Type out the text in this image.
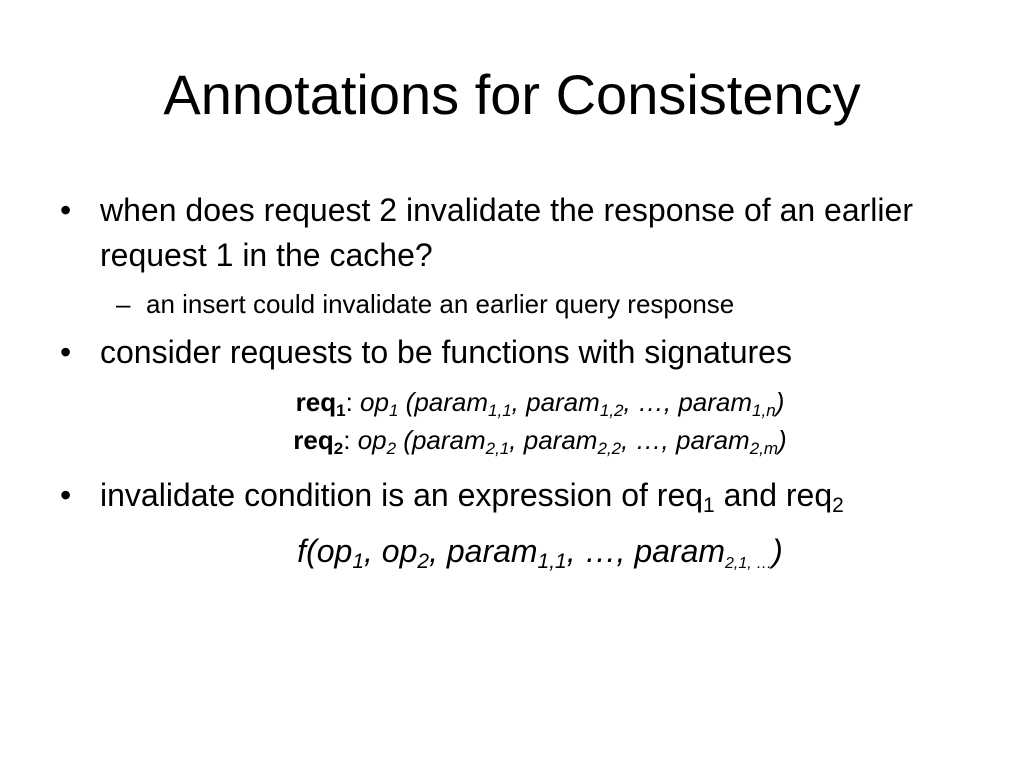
Annotations for Consistency
• when does request 2 invalidate the response of an earlier request 1 in the cache?
– an insert could invalidate an earlier query response
• consider requests to be functions with signatures
req$_1$: $op_1$ (param$_{1,1}$, param$_{1,2}$, …, param$_{1,n}$)
req$_2$: $op_2$ (param$_{2,1}$, param$_{2,2}$, …, param$_{2,m}$)
• invalidate condition is an expression of req$_1$ and req$_2$
$f(op_1$, $op_2$, param$_{1,1}$, …, param$_{2,1, \dots}$)
